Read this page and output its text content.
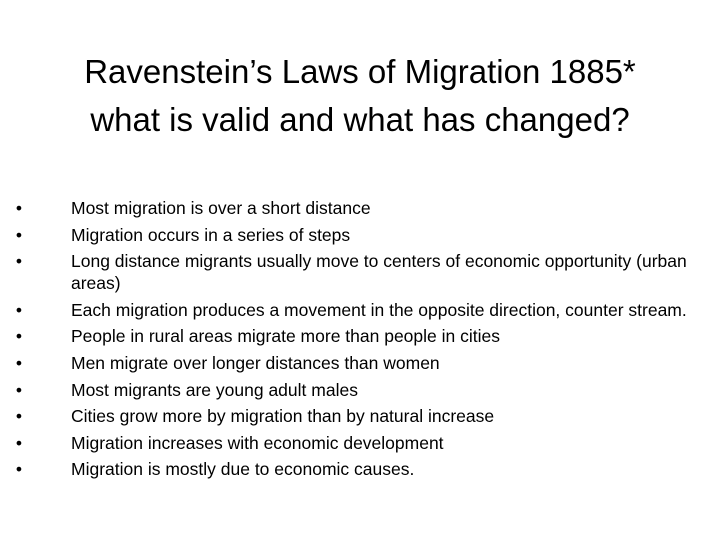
Ravenstein’s Laws of Migration 1885*
what is valid and what has changed?
•	Most migration is over a short distance
•	Migration occurs in a series of steps
•	Long distance migrants usually move to centers of economic opportunity (urban areas)
•	Each migration produces a movement in the opposite direction, counter stream.
•	People in rural areas migrate more than people in cities
•	Men migrate over longer distances than women
•	Most migrants are young adult males
•	Cities grow more by migration than by natural increase
•	Migration increases with economic development
•	Migration is mostly due to economic causes.
